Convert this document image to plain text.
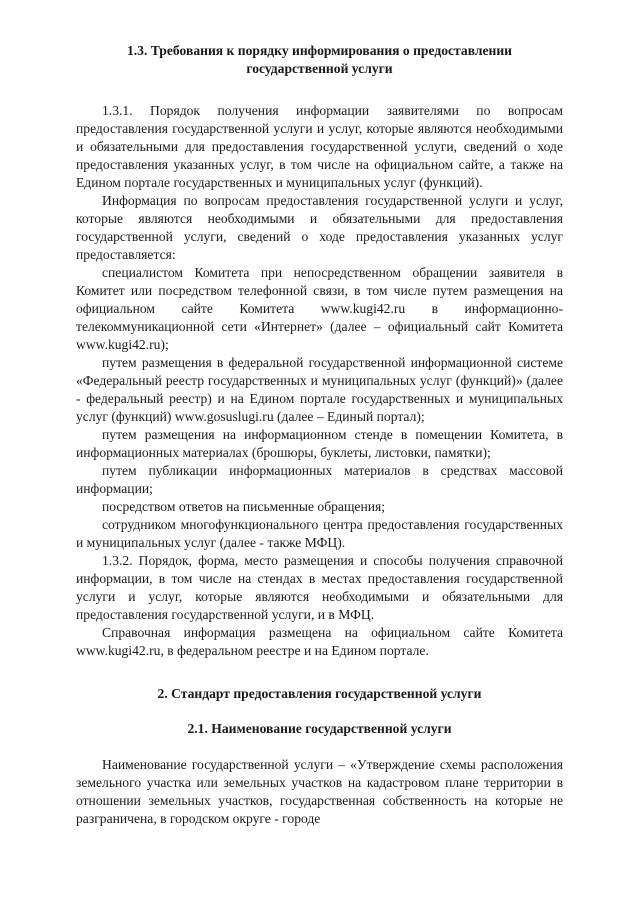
1.3. Требования к порядку информирования о предоставлении государственной услуги

1.3.1. Порядок получения информации заявителями по вопросам предоставления государственной услуги и услуг, которые являются необходимыми и обязательными для предоставления государственной услуги, сведений о ходе предоставления указанных услуг, в том числе на официальном сайте, а также на Едином портале государственных и муниципальных услуг (функций).

Информация по вопросам предоставления государственной услуги и услуг, которые являются необходимыми и обязательными для предоставления государственной услуги, сведений о ходе предоставления указанных услуг предоставляется:

специалистом Комитета при непосредственном обращении заявителя в Комитет или посредством телефонной связи, в том числе путем размещения на официальном сайте Комитета www.kugi42.ru в информационно-телекоммуникационной сети «Интернет» (далее – официальный сайт Комитета www.kugi42.ru);

путем размещения в федеральной государственной информационной системе «Федеральный реестр государственных и муниципальных услуг (функций)» (далее - федеральный реестр) и на Едином портале государственных и муниципальных услуг (функций) www.gosuslugi.ru (далее – Единый портал);

путем размещения на информационном стенде в помещении Комитета, в информационных материалах (брошюры, буклеты, листовки, памятки);

путем публикации информационных материалов в средствах массовой информации;

посредством ответов на письменные обращения;

сотрудником многофункционального центра предоставления государственных и муниципальных услуг (далее - также МФЦ).

1.3.2. Порядок, форма, место размещения и способы получения справочной информации, в том числе на стендах в местах предоставления государственной услуги и услуг, которые являются необходимыми и обязательными для предоставления государственной услуги, и в МФЦ.

Справочная информация размещена на официальном сайте Комитета www.kugi42.ru, в федеральном реестре и на Едином портале.

2. Стандарт предоставления государственной услуги

2.1. Наименование государственной услуги

Наименование государственной услуги – «Утверждение схемы расположения земельного участка или земельных участков на кадастровом плане территории в отношении земельных участков, государственная собственность на которые не разграничена, в городском округе - городе
